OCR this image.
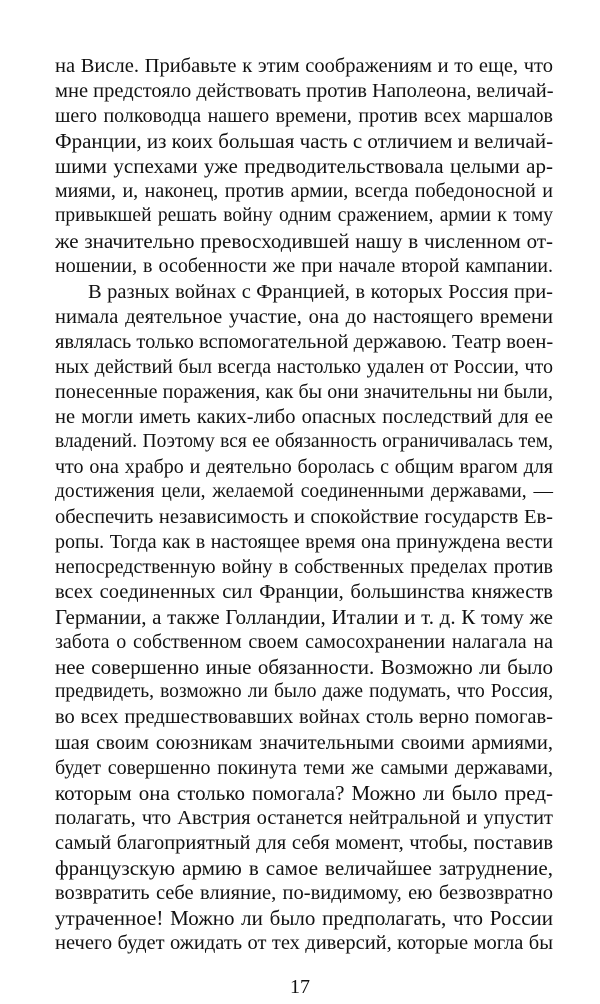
на Висле. Прибавьте к этим соображениям и то еще, что
мне предстояло действовать против Наполеона, величай-
шего полководца нашего времени, против всех маршалов
Франции, из коих большая часть с отличием и величай-
шими успехами уже предводительствовала целыми ар-
миями, и, наконец, против армии, всегда победоносной и
привыкшей решать войну одним сражением, армии к тому
же значительно превосходившей нашу в численном от-
ношении, в особенности же при начале второй кампании.
В разных войнах с Францией, в которых Россия при-
нимала деятельное участие, она до настоящего времени
являлась только вспомогательной державою. Театр воен-
ных действий был всегда настолько удален от России, что
понесенные поражения, как бы они значительны ни были,
не могли иметь каких-либо опасных последствий для ее
владений. Поэтому вся ее обязанность ограничивалась тем,
что она храбро и деятельно боролась с общим врагом для
достижения цели, желаемой соединенными державами, —
обеспечить независимость и спокойствие государств Ев-
ропы. Тогда как в настоящее время она принуждена вести
непосредственную войну в собственных пределах против
всех соединенных сил Франции, большинства княжеств
Германии, а также Голландии, Италии и т. д. К тому же
забота о собственном своем самосохранении налагала на
нее совершенно иные обязанности. Возможно ли было
предвидеть, возможно ли было даже подумать, что Россия,
во всех предшествовавших войнах столь верно помогав-
шая своим союзникам значительными своими армиями,
будет совершенно покинута теми же самыми державами,
которым она столько помогала? Можно ли было пред-
полагать, что Австрия останется нейтральной и упустит
самый благоприятный для себя момент, чтобы, поставив
французскую армию в самое величайшее затруднение,
возвратить себе влияние, по-видимому, ею безвозвратно
утраченное! Можно ли было предполагать, что России
нечего будет ожидать от тех диверсий, которые могла бы
17
